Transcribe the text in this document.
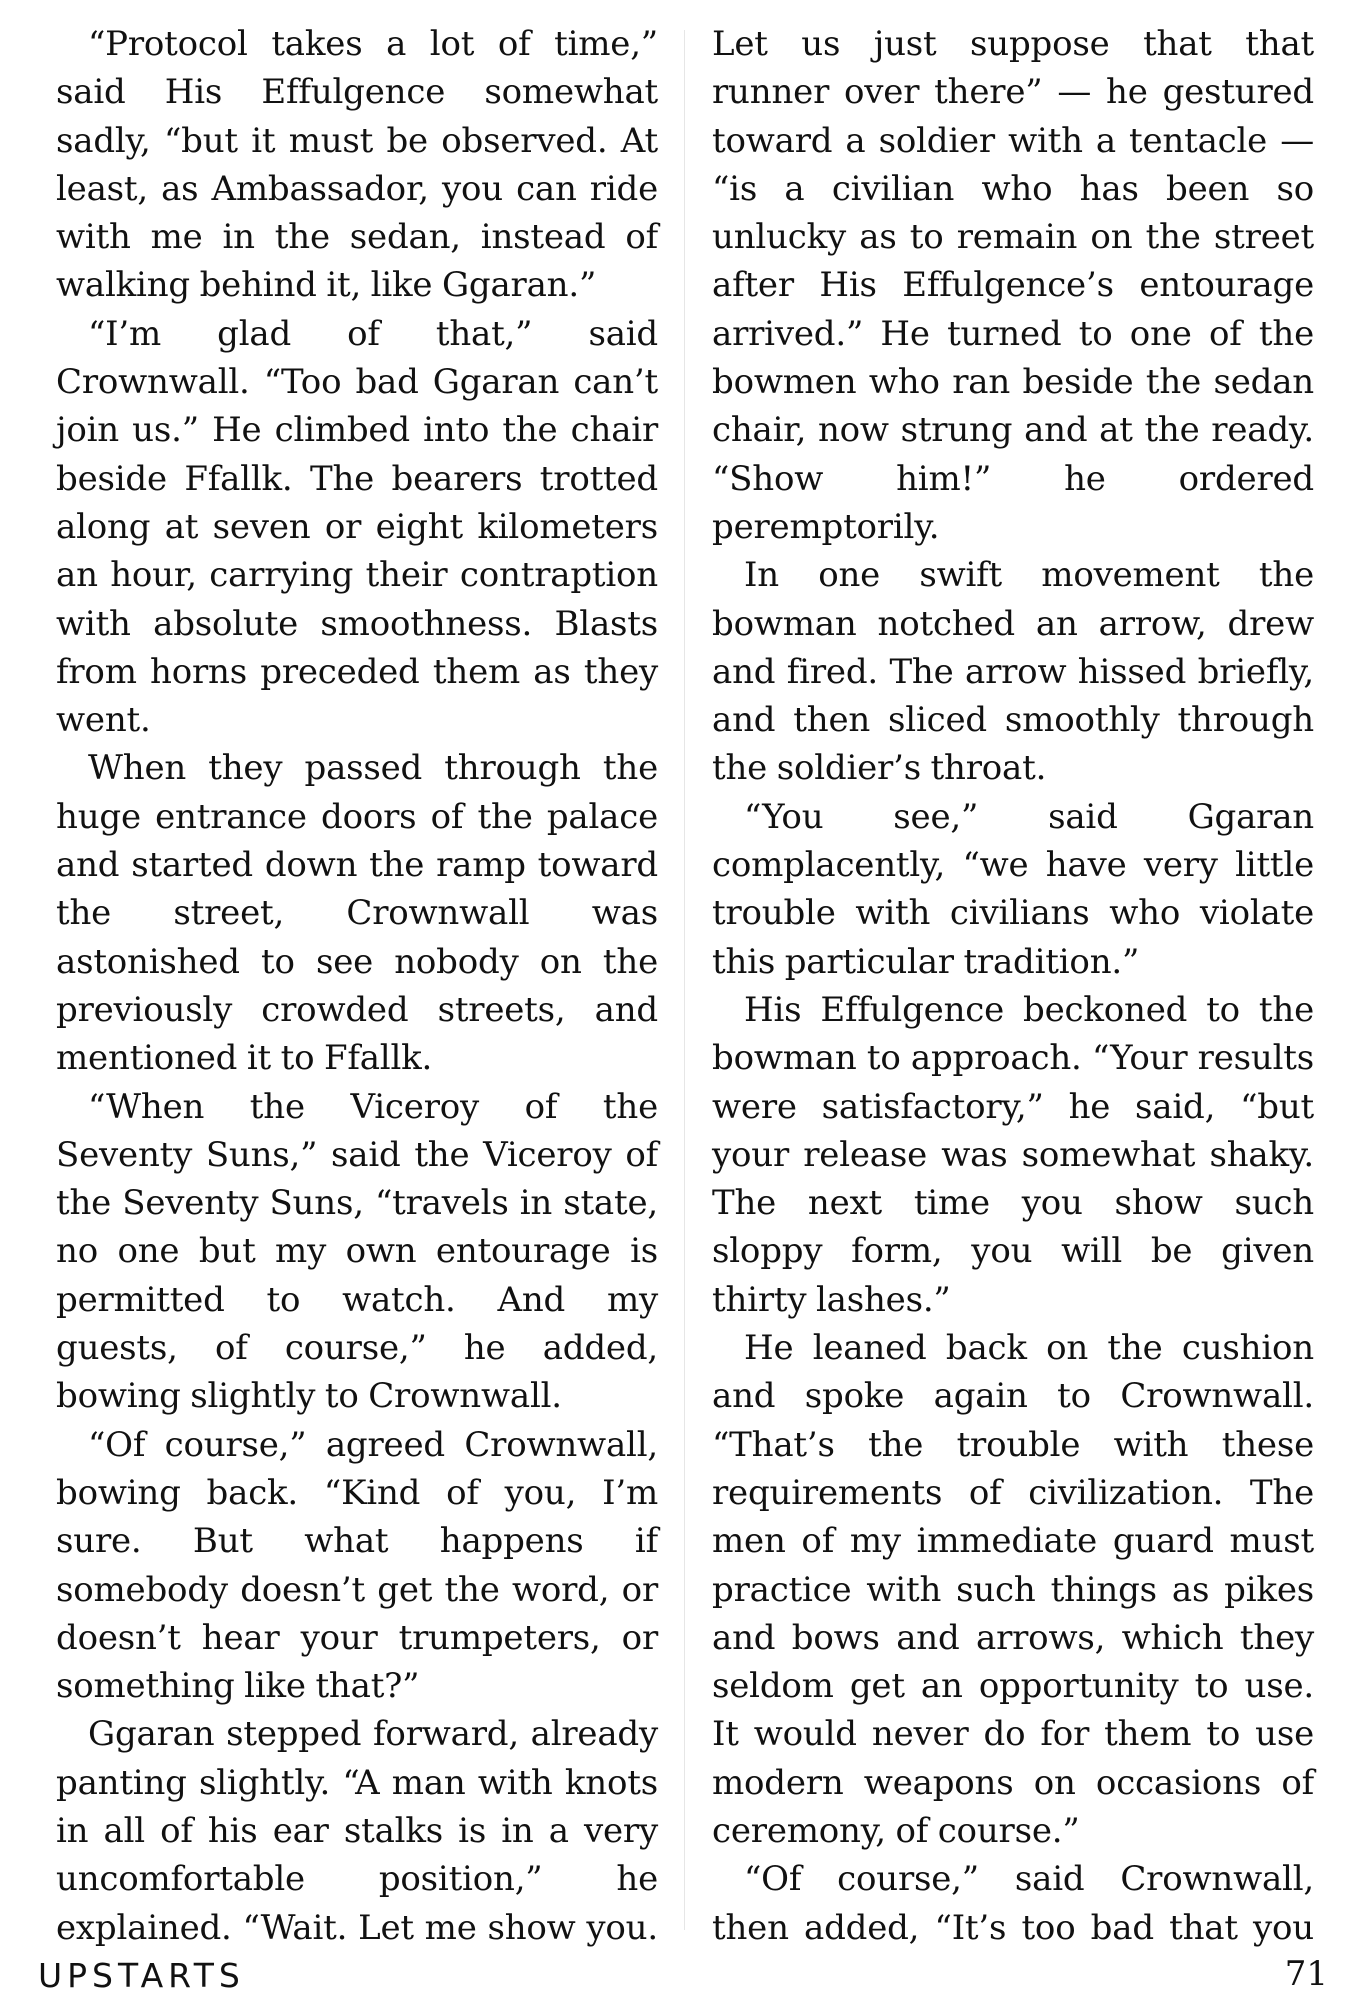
“Protocol takes a lot of time,” said His Effulgence somewhat sadly, “but it must be observed. At least, as Ambassador, you can ride with me in the sedan, instead of walking behind it, like Ggaran.”

“I’m glad of that,” said Crownwall. “Too bad Ggaran can’t join us.” He climbed into the chair beside Ffallk. The bearers trotted along at seven or eight kilometers an hour, carrying their contraption with absolute smoothness. Blasts from horns preceded them as they went.

When they passed through the huge entrance doors of the palace and started down the ramp toward the street, Crownwall was astonished to see nobody on the previously crowded streets, and mentioned it to Ffallk.

“When the Viceroy of the Seventy Suns,” said the Viceroy of the Seventy Suns, “travels in state, no one but my own entourage is permitted to watch. And my guests, of course,” he added, bowing slightly to Crownwall.

“Of course,” agreed Crownwall, bowing back. “Kind of you, I’m sure. But what happens if somebody doesn’t get the word, or doesn’t hear your trumpeters, or something like that?”

Ggaran stepped forward, already panting slightly. “A man with knots in all of his ear stalks is in a very uncomfortable position,” he explained. “Wait. Let me show you.

Let us just suppose that that runner over there” — he gestured toward a soldier with a tentacle — “is a civilian who has been so unlucky as to remain on the street after His Effulgence’s entourage arrived.” He turned to one of the bowmen who ran beside the sedan chair, now strung and at the ready. “Show him!” he ordered peremptorily.

In one swift movement the bowman notched an arrow, drew and fired. The arrow hissed briefly, and then sliced smoothly through the soldier’s throat.

“You see,” said Ggaran complacently, “we have very little trouble with civilians who violate this particular tradition.”

His Effulgence beckoned to the bowman to approach. “Your results were satisfactory,” he said, “but your release was somewhat shaky. The next time you show such sloppy form, you will be given thirty lashes.”

He leaned back on the cushion and spoke again to Crownwall. “That’s the trouble with these requirements of civilization. The men of my immediate guard must practice with such things as pikes and bows and arrows, which they seldom get an opportunity to use. It would never do for them to use modern weapons on occasions of ceremony, of course.”

“Of course,” said Crownwall, then added, “It’s too bad that you

UPSTARTS	71
